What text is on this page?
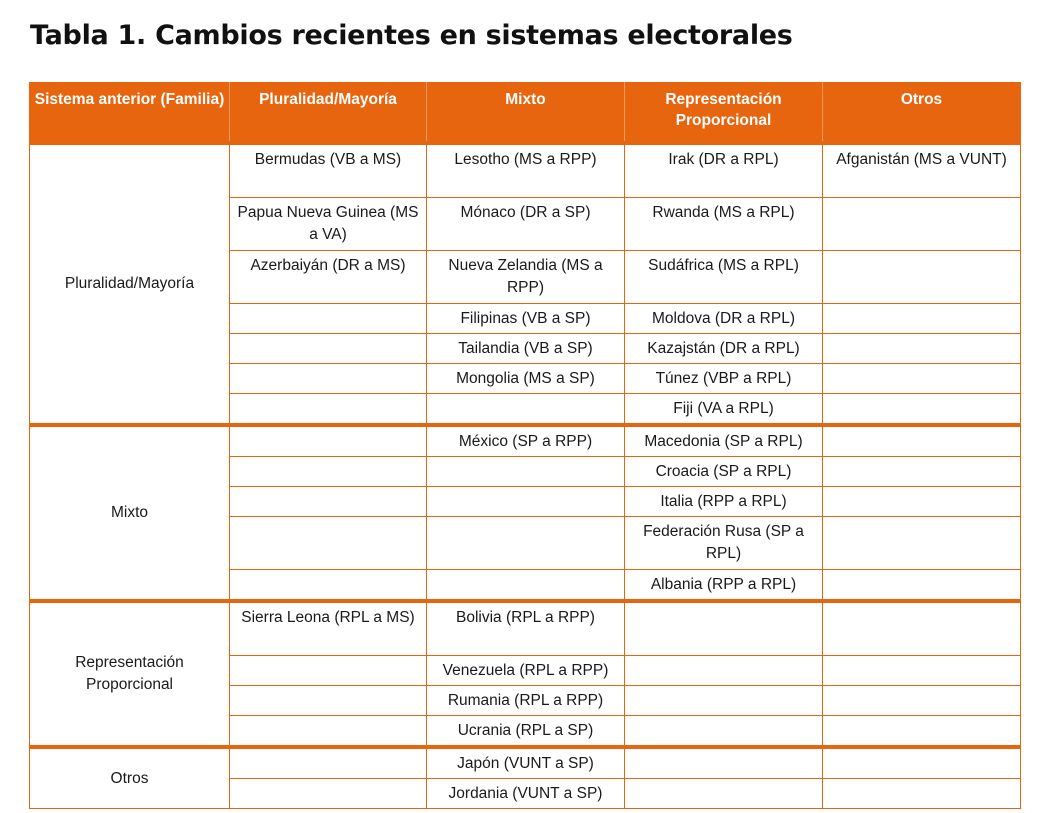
Tabla 1. Cambios recientes en sistemas electorales
Sistema anterior (Familia)	Pluralidad/Mayoría	Mixto	Representación Proporcional	Otros
Pluralidad/Mayoría	Bermudas (VB a MS)	Lesotho (MS a RPP)	Irak (DR a RPL)	Afganistán (MS a VUNT)
	Papua Nueva Guinea (MS a VA)	Mónaco (DR a SP)	Rwanda (MS a RPL)	
	Azerbaiyán (DR a MS)	Nueva Zelandia (MS a RPP)	Sudáfrica (MS a RPL)	
		Filipinas (VB a SP)	Moldova (DR a RPL)	
		Tailandia (VB a SP)	Kazajstán (DR a RPL)	
		Mongolia (MS a SP)	Túnez (VBP a RPL)	
			Fiji (VA a RPL)	
Mixto		México (SP a RPP)	Macedonia (SP a RPL)	
			Croacia (SP a RPL)	
			Italia (RPP a RPL)	
			Federación Rusa (SP a RPL)	
			Albania (RPP a RPL)	
Representación Proporcional	Sierra Leona (RPL a MS)	Bolivia (RPL a RPP)		
		Venezuela (RPL a RPP)		
		Rumania (RPL a RPP)		
		Ucrania (RPL a SP)		
Otros		Japón (VUNT a SP)		
		Jordania (VUNT a SP)		
